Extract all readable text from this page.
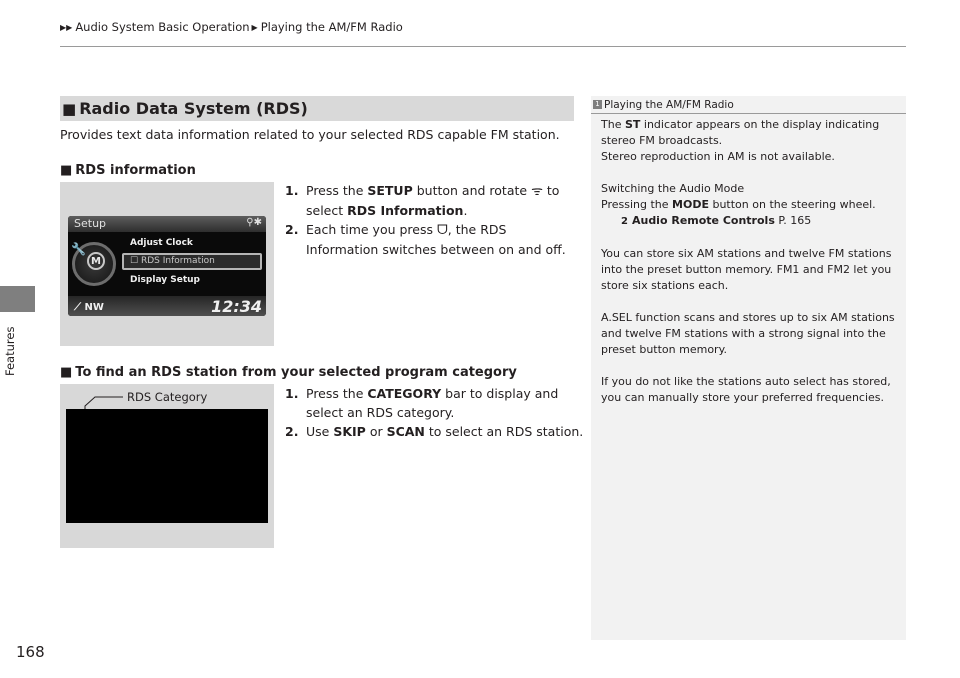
▶▶ Audio System Basic Operation ▶ Playing the AM/FM Radio
Features
168
■ Radio Data System (RDS)
Provides text data information related to your selected RDS capable FM station.
■ RDS information
Setup	⚲✱
M
🔧	Adjust Clock
☐ RDS Information
Display Setup
⟋ NW	12:34
1. Press the SETUP button and rotate ᯤ to
select RDS Information.
2. Each time you press ᗜ, the RDS
Information switches between on and off.
■ To find an RDS station from your selected program category
RDS Category	1. Press the CATEGORY bar to display and
select an RDS category.
2. Use SKIP or SCAN to select an RDS station.
1 Playing the AM/FM Radio
The ST indicator appears on the display indicating
stereo FM broadcasts.
Stereo reproduction in AM is not available.
Switching the Audio Mode
Pressing the MODE button on the steering wheel.
2 Audio Remote Controls P. 165
You can store six AM stations and twelve FM stations
into the preset button memory. FM1 and FM2 let you
store six stations each.
A.SEL function scans and stores up to six AM stations
and twelve FM stations with a strong signal into the
preset button memory.
If you do not like the stations auto select has stored,
you can manually store your preferred frequencies.
